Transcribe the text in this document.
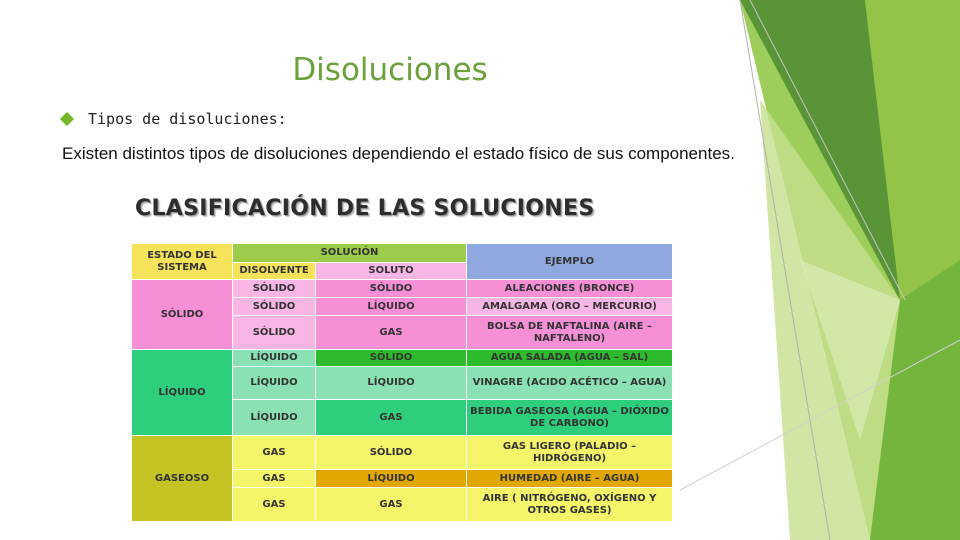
Disoluciones
Tipos de disoluciones:
Existen distintos tipos de disoluciones dependiendo el estado físico de sus componentes.
CLASIFICACIÓN DE LAS SOLUCIONES
ESTADO DEL SISTEMA	SOLUCIÓN		EJEMPLO
	DISOLVENTE	SOLUTO	
SÓLIDO	SÓLIDO	SÓLIDO	ALEACIONES (BRONCE)
	SÓLIDO	LÍQUIDO	AMALGAMA (ORO – MERCURIO)
	SÓLIDO	GAS	BOLSA DE NAFTALINA (AIRE – NAFTALENO)
LÍQUIDO	LÍQUIDO	SÓLIDO	AGUA SALADA (AGUA – SAL)
	LÍQUIDO	LÍQUIDO	VINAGRE (ACIDO ACÉTICO – AGUA)
	LÍQUIDO	GAS	BEBIDA GASEOSA (AGUA – DIÓXIDO DE CARBONO)
GASEOSO	GAS	SÓLIDO	GAS LIGERO (PALADIO – HIDRÓGENO)
	GAS	LÍQUIDO	HUMEDAD (AIRE – AGUA)
	GAS	GAS	AIRE ( NITRÓGENO, OXÍGENO Y OTROS GASES)
